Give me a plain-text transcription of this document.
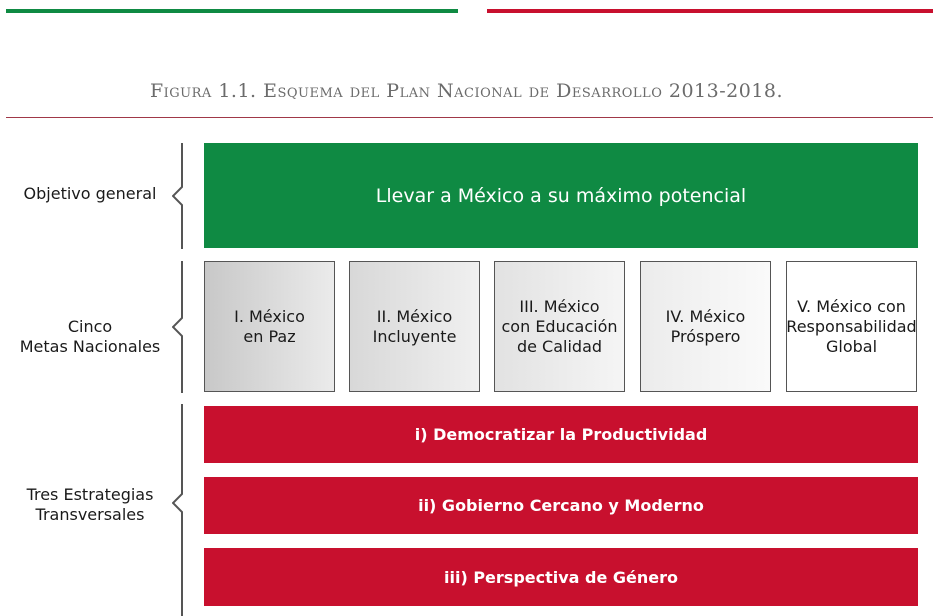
Figura 1.1. Esquema del Plan Nacional de Desarrollo 2013-2018.
Objetivo general
Cinco
Metas Nacionales
Tres Estrategias
Transversales
Llevar a México a su máximo potencial
I. México
en Paz
II. México
Incluyente
III. México
con Educación
de Calidad
IV. México
Próspero
V. México con
Responsabilidad
Global
i) Democratizar la Productividad
ii) Gobierno Cercano y Moderno
iii) Perspectiva de Género
